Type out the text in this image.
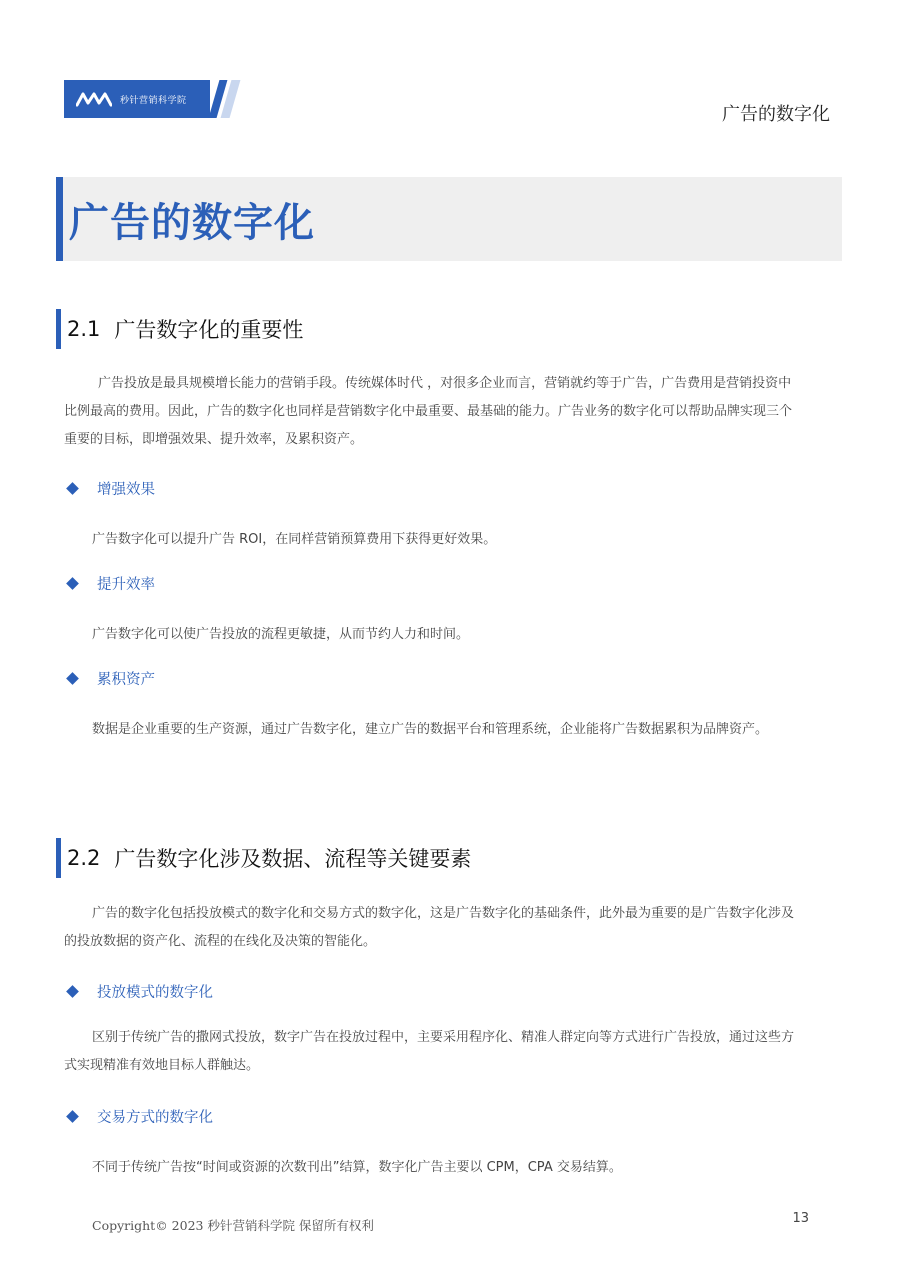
秒针营销科学院
广告的数字化
广告的数字化
2.1 广告数字化的重要性
广告投放是最具规模增长能力的营销手段。传统媒体时代 ，对很多企业而言，营销就约等于广告，广告费用是营销投资中
比例最高的费用。因此，广告的数字化也同样是营销数字化中最重要、最基础的能力。广告业务的数字化可以帮助品牌实现三个
重要的目标，即增强效果、提升效率，及累积资产。
增强效果
广告数字化可以提升广告 ROI，在同样营销预算费用下获得更好效果。
提升效率
广告数字化可以使广告投放的流程更敏捷，从而节约人力和时间。
累积资产
数据是企业重要的生产资源，通过广告数字化，建立广告的数据平台和管理系统，企业能将广告数据累积为品牌资产。
2.2 广告数字化涉及数据、流程等关键要素
广告的数字化包括投放模式的数字化和交易方式的数字化，这是广告数字化的基础条件，此外最为重要的是广告数字化涉及
的投放数据的资产化、流程的在线化及决策的智能化。
投放模式的数字化
区别于传统广告的撒网式投放，数字广告在投放过程中，主要采用程序化、精准人群定向等方式进行广告投放，通过这些方
式实现精准有效地目标人群触达。
交易方式的数字化
不同于传统广告按“时间或资源的次数刊出”结算，数字化广告主要以 CPM，CPA 交易结算。
Copyright© 2023 秒针营销科学院 保留所有权利	13
